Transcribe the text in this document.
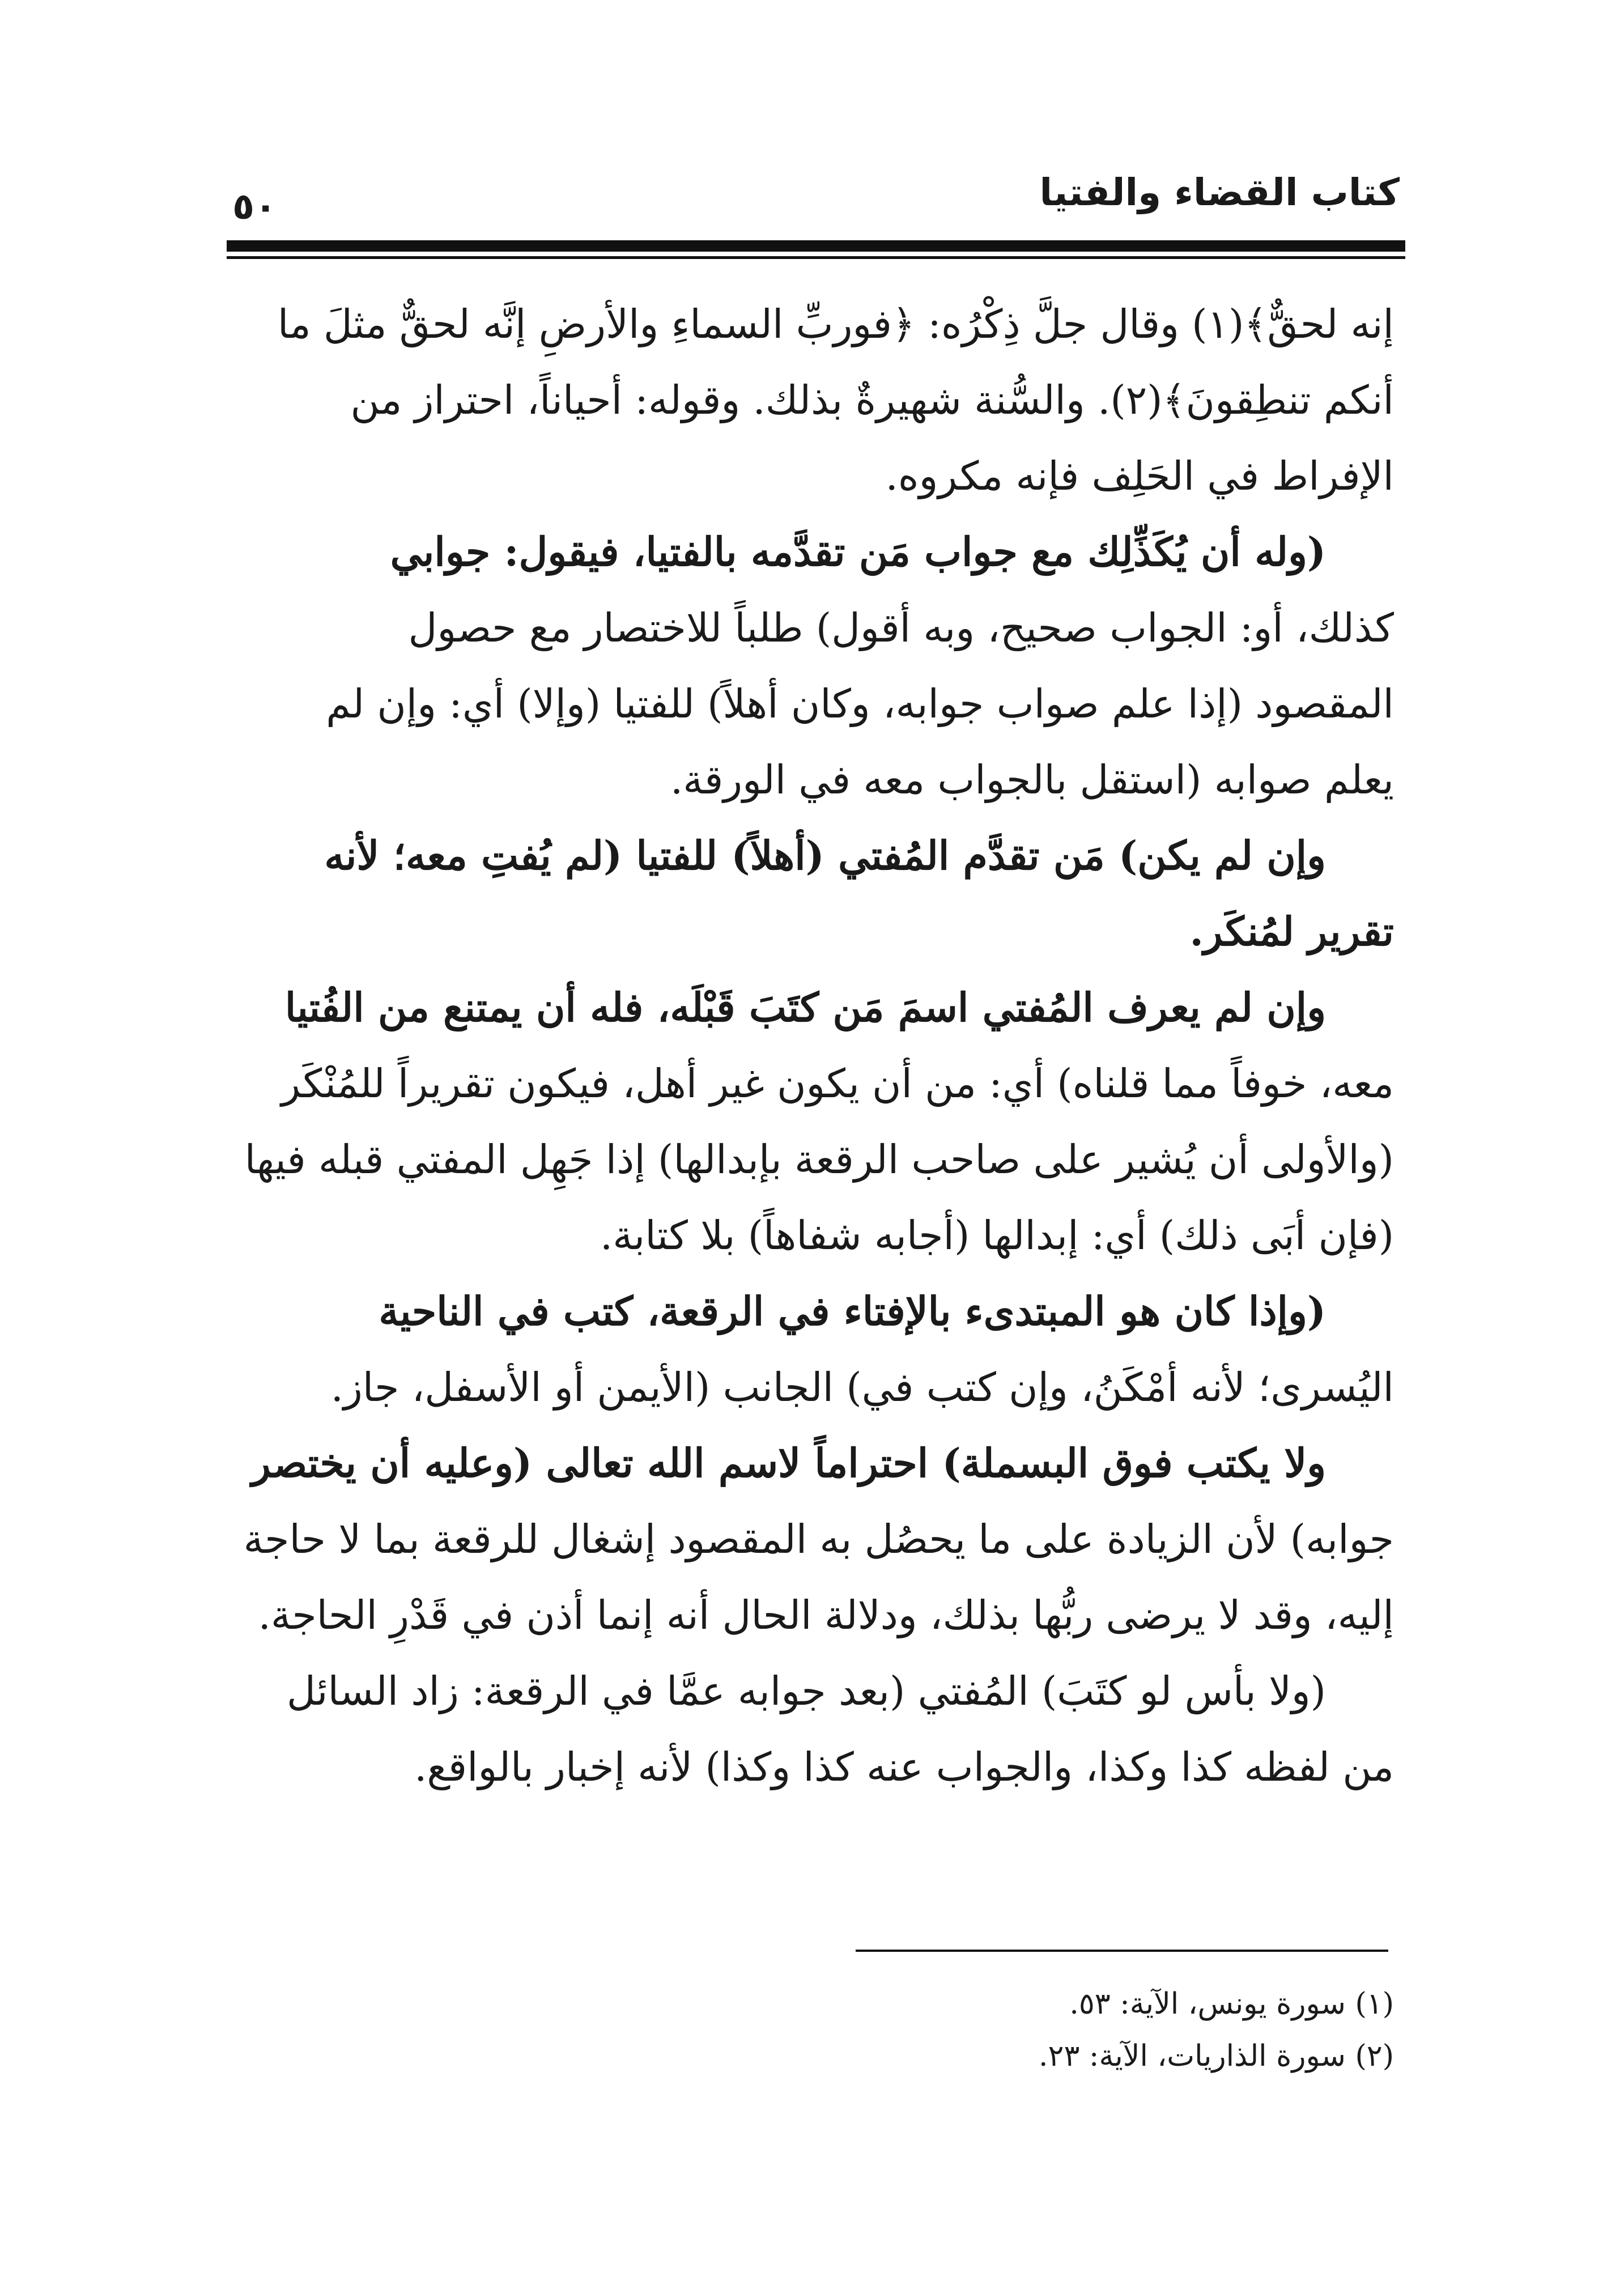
كتاب القضاء والفتيا
٥٠
إنه لحقٌّ﴾(١) وقال جلَّ ذِكْرُه: ﴿فوربِّ السماءِ والأرضِ إنَّه لحقٌّ مثلَ ما
أنكم تنطِقونَ﴾(٢). والسُّنة شهيرةٌ بذلك. وقوله: أحياناً، احتراز من
الإفراط في الحَلِف فإنه مكروه.
(وله أن يُكَذِّلِك مع جواب مَن تقدَّمه بالفتيا، فيقول: جوابي
كذلك، أو: الجواب صحيح، وبه أقول) طلباً للاختصار مع حصول
المقصود (إذا علم صواب جوابه، وكان أهلاً) للفتيا (وإلا) أي: وإن لم
يعلم صوابه (استقل بالجواب معه في الورقة.
وإن لم يكن) مَن تقدَّم المُفتي (أهلاً) للفتيا (لم يُفتِ معه؛ لأنه
تقرير لمُنكَر.
وإن لم يعرف المُفتي اسمَ مَن كتَبَ قَبْلَه، فله أن يمتنع من الفُتيا
معه، خوفاً مما قلناه) أي: من أن يكون غير أهل، فيكون تقريراً للمُنْكَر
(والأولى أن يُشير على صاحب الرقعة بإبدالها) إذا جَهِل المفتي قبله فيها
(فإن أبَى ذلك) أي: إبدالها (أجابه شفاهاً) بلا كتابة.
(وإذا كان هو المبتدىء بالإفتاء في الرقعة، كتب في الناحية
اليُسرى؛ لأنه أمْكَنُ، وإن كتب في) الجانب (الأيمن أو الأسفل، جاز.
ولا يكتب فوق البسملة) احتراماً لاسم الله تعالى (وعليه أن يختصر
جوابه) لأن الزيادة على ما يحصُل به المقصود إشغال للرقعة بما لا حاجة
إليه، وقد لا يرضى ربُّها بذلك، ودلالة الحال أنه إنما أذن في قَدْرِ الحاجة.
(ولا بأس لو كتَبَ) المُفتي (بعد جوابه عمَّا في الرقعة: زاد السائل
من لفظه كذا وكذا، والجواب عنه كذا وكذا) لأنه إخبار بالواقع.
(١) سورة يونس، الآية: ٥٣.
(٢) سورة الذاريات، الآية: ٢٣.
